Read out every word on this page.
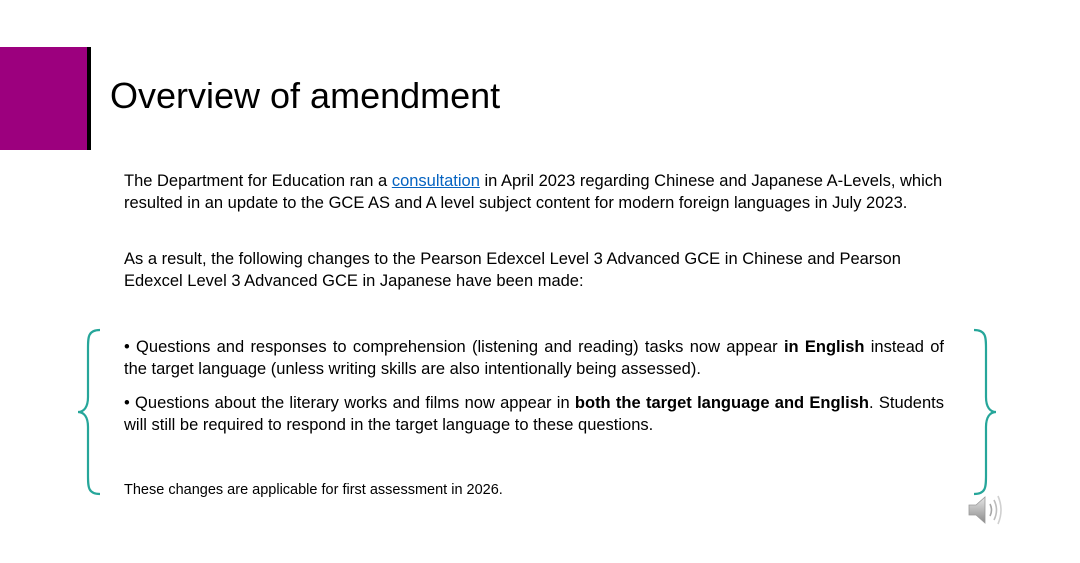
Overview of amendment

The Department for Education ran a consultation in April 2023 regarding Chinese and Japanese A-Levels, which resulted in an update to the GCE AS and A level subject content for modern foreign languages in July 2023.

As a result, the following changes to the Pearson Edexcel Level 3 Advanced GCE in Chinese and Pearson Edexcel Level 3 Advanced GCE in Japanese have been made:

• Questions and responses to comprehension (listening and reading) tasks now appear in English instead of the target language (unless writing skills are also intentionally being assessed).

• Questions about the literary works and films now appear in both the target language and English. Students will still be required to respond in the target language to these questions.

These changes are applicable for first assessment in 2026.
